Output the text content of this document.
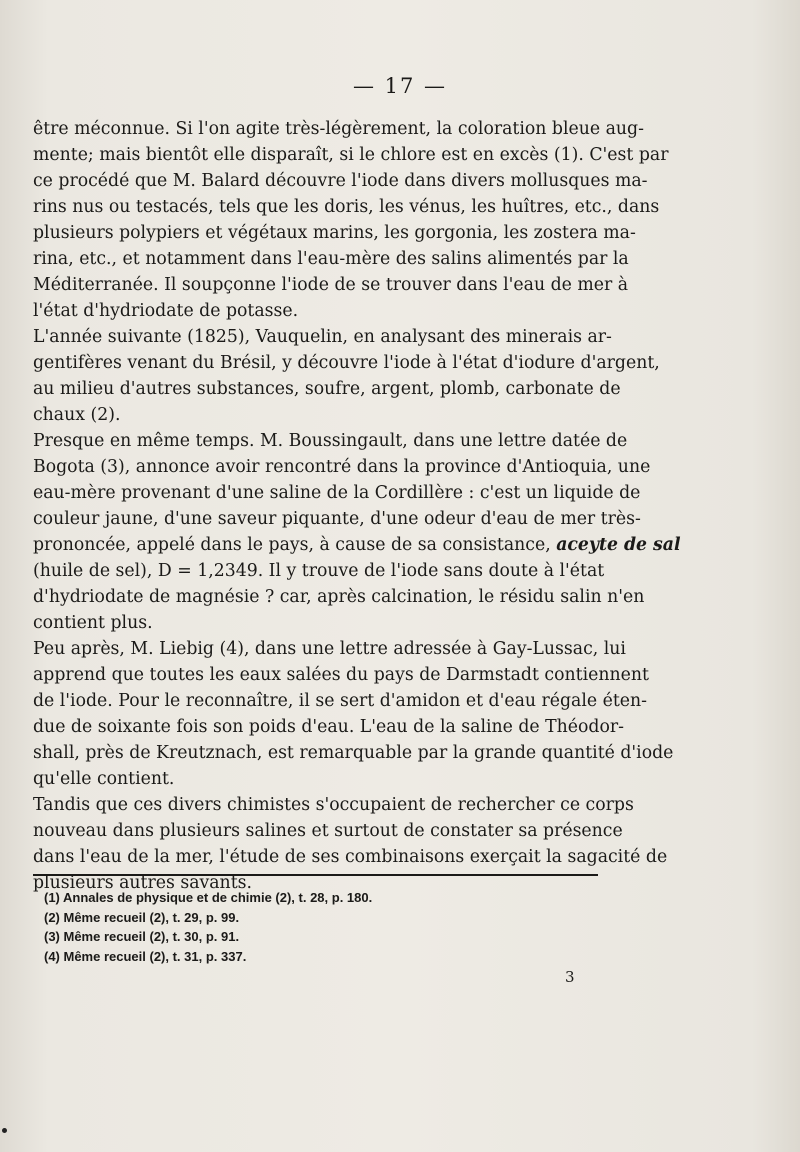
— 17 —
être méconnue. Si l'on agite très-légèrement, la coloration bleue aug-
mente; mais bientôt elle disparaît, si le chlore est en excès (1). C'est par
ce procédé que M. Balard découvre l'iode dans divers mollusques ma-
rins nus ou testacés, tels que les doris, les vénus, les huîtres, etc., dans
plusieurs polypiers et végétaux marins, les gorgonia, les zostera ma-
rina, etc., et notamment dans l'eau-mère des salins alimentés par la
Méditerranée. Il soupçonne l'iode de se trouver dans l'eau de mer à
l'état d'hydriodate de potasse.
L'année suivante (1825), Vauquelin, en analysant des minerais ar-
gentifères venant du Brésil, y découvre l'iode à l'état d'iodure d'argent,
au milieu d'autres substances, soufre, argent, plomb, carbonate de
chaux (2).
Presque en même temps. M. Boussingault, dans une lettre datée de
Bogota (3), annonce avoir rencontré dans la province d'Antioquia, une
eau-mère provenant d'une saline de la Cordillère : c'est un liquide de
couleur jaune, d'une saveur piquante, d'une odeur d'eau de mer très-
prononcée, appelé dans le pays, à cause de sa consistance, aceyte de sal
(huile de sel), D = 1,2349. Il y trouve de l'iode sans doute à l'état
d'hydriodate de magnésie ? car, après calcination, le résidu salin n'en
contient plus.
Peu après, M. Liebig (4), dans une lettre adressée à Gay-Lussac, lui
apprend que toutes les eaux salées du pays de Darmstadt contiennent
de l'iode. Pour le reconnaître, il se sert d'amidon et d'eau régale éten-
due de soixante fois son poids d'eau. L'eau de la saline de Théodor-
shall, près de Kreutznach, est remarquable par la grande quantité d'iode
qu'elle contient.
Tandis que ces divers chimistes s'occupaient de rechercher ce corps
nouveau dans plusieurs salines et surtout de constater sa présence
dans l'eau de la mer, l'étude de ses combinaisons exerçait la sagacité de
plusieurs autres savants.
(1) Annales de physique et de chimie (2), t. 28, p. 180.
(2) Même recueil (2), t. 29, p. 99.
(3) Même recueil (2), t. 30, p. 91.
(4) Même recueil (2), t. 31, p. 337.
3
